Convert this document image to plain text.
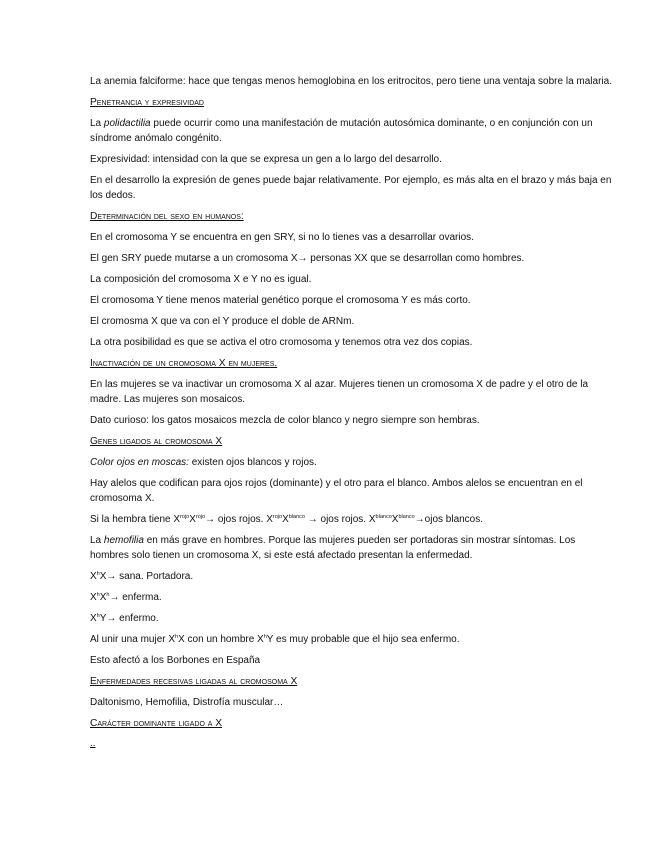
La anemia falciforme: hace que tengas menos hemoglobina en los eritrocitos, pero tiene una ventaja sobre la malaria.

Penetrancia y expresividad

La polidactilia puede ocurrir como una manifestación de mutación autosómica dominante, o en conjunción con un síndrome anómalo congénito.

Expresividad: intensidad con la que se expresa un gen a lo largo del desarrollo.

En el desarrollo la expresión de genes puede bajar relativamente. Por ejemplo, es más alta en el brazo y más baja en los dedos.

Determinación del sexo en humanos:

En el cromosoma Y se encuentra en gen SRY, si no lo tienes vas a desarrollar ovarios.

El gen SRY puede mutarse a un cromosoma X→ personas XX que se desarrollan como hombres.

La composición del cromosoma X e Y no es igual.

El cromosoma Y tiene menos material genético porque el cromosoma Y es más corto.

El cromosma X que va con el Y produce el doble de ARNm.

La otra posibilidad es que se activa el otro cromosoma y tenemos otra vez dos copias.

Inactivación de un cromosoma X en mujeres.

En las mujeres se va inactivar un cromosoma X al azar. Mujeres tienen un cromosoma X de padre y el otro de la madre. Las mujeres son mosaicos.

Dato curioso: los gatos mosaicos mezcla de color blanco y negro siempre son hembras.

Genes ligados al cromosoma X

Color ojos en moscas: existen ojos blancos y rojos.

Hay alelos que codifican para ojos rojos (dominante) y el otro para el blanco. Ambos alelos se encuentran en el cromosoma X.

Si la hembra tiene $X^{rojo}X^{rojo}\to$ ojos rojos. $X^{rojo}X^{blanco}$ → ojos rojos. $X^{blanco}X^{blanco}\to ojos$ blancos.

La hemofilia en más grave en hombres. Porque las mujeres pueden ser portadoras sin mostrar síntomas. Los hombres solo tienen un cromosoma X, si este está afectado presentan la enfermedad.

$X^hX\to$ sana. Portadora.

$X^hX^h\to$ enferma.

$X^hY\to$ enfermo.

Al unir una mujer $X^hX$ con un hombre $X^hY$ es muy probable que el hijo sea enfermo.

Esto afectó a los Borbones en España

Enfermedades recesivas ligadas al cromosoma X

Daltonismo, Hemofilia, Distrofía muscular…

Carácter dominante ligado a X

..
